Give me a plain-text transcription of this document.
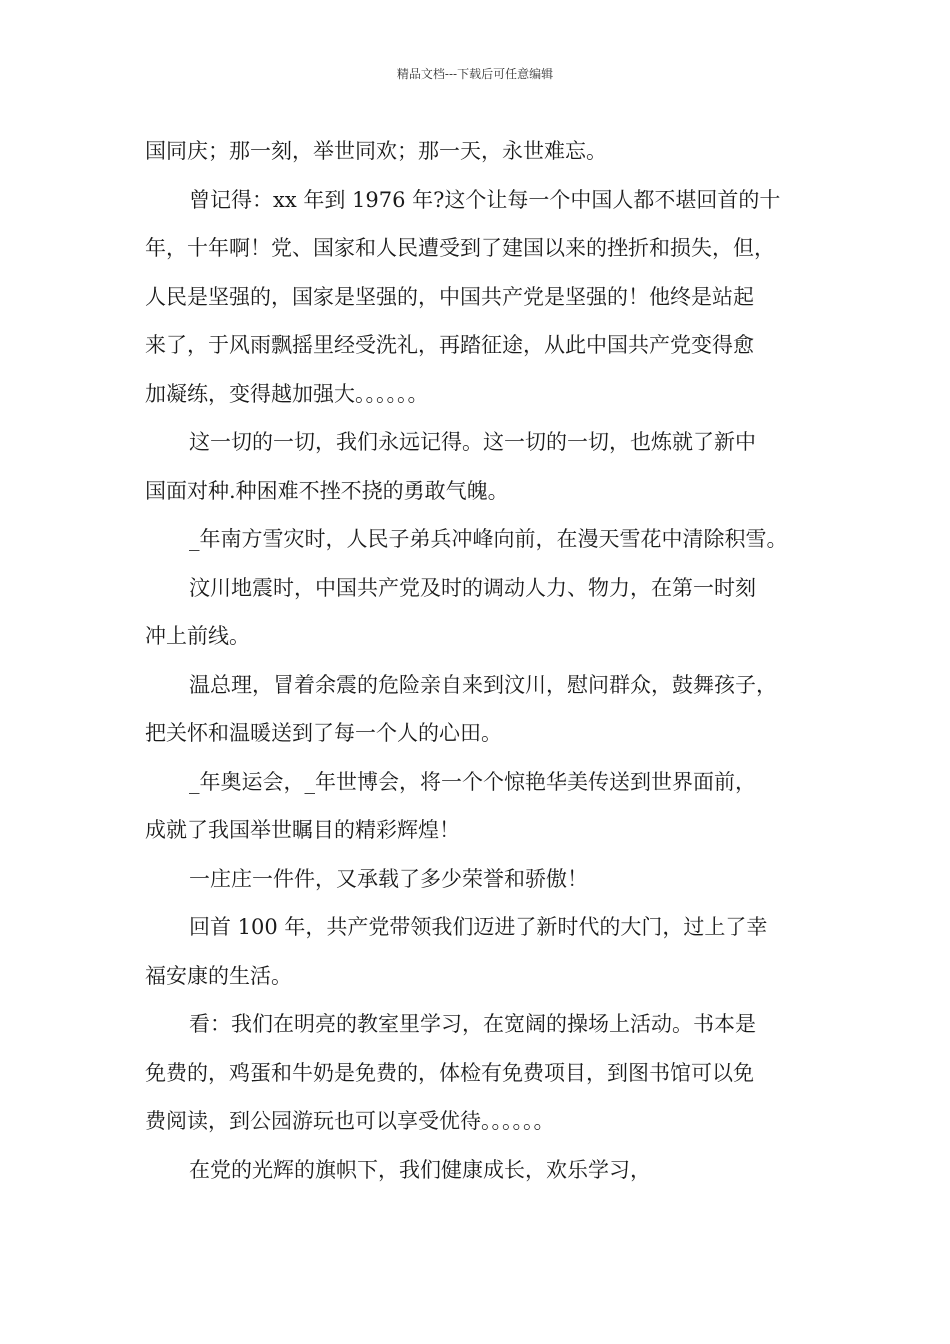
精品文档---下载后可任意编辑
国同庆；那一刻，举世同欢；那一天，永世难忘。
曾记得：xx 年到 1976 年?这个让每一个中国人都不堪回首的十
年，十年啊！党、国家和人民遭受到了建国以来的挫折和损失，但，
人民是坚强的，国家是坚强的，中国共产党是坚强的！他终是站起
来了，于风雨飘摇里经受洗礼，再踏征途，从此中国共产党变得愈
加凝练，变得越加强大。。。。。。
这一切的一切，我们永远记得。这一切的一切，也炼就了新中
国面对种.种困难不挫不挠的勇敢气魄。
_年南方雪灾时，人民子弟兵冲峰向前，在漫天雪花中清除积雪。
汶川地震时，中国共产党及时的调动人力、物力，在第一时刻
冲上前线。
温总理，冒着余震的危险亲自来到汶川，慰问群众，鼓舞孩子，
把关怀和温暖送到了每一个人的心田。
_年奥运会，_年世博会，将一个个惊艳华美传送到世界面前，
成就了我国举世瞩目的精彩辉煌！
一庄庄一件件，又承载了多少荣誉和骄傲！
回首 100 年，共产党带领我们迈进了新时代的大门，过上了幸
福安康的生活。
看：我们在明亮的教室里学习，在宽阔的操场上活动。书本是
免费的，鸡蛋和牛奶是免费的，体检有免费项目，到图书馆可以免
费阅读，到公园游玩也可以享受优待。。。。。。
在党的光辉的旗帜下，我们健康成长，欢乐学习，
